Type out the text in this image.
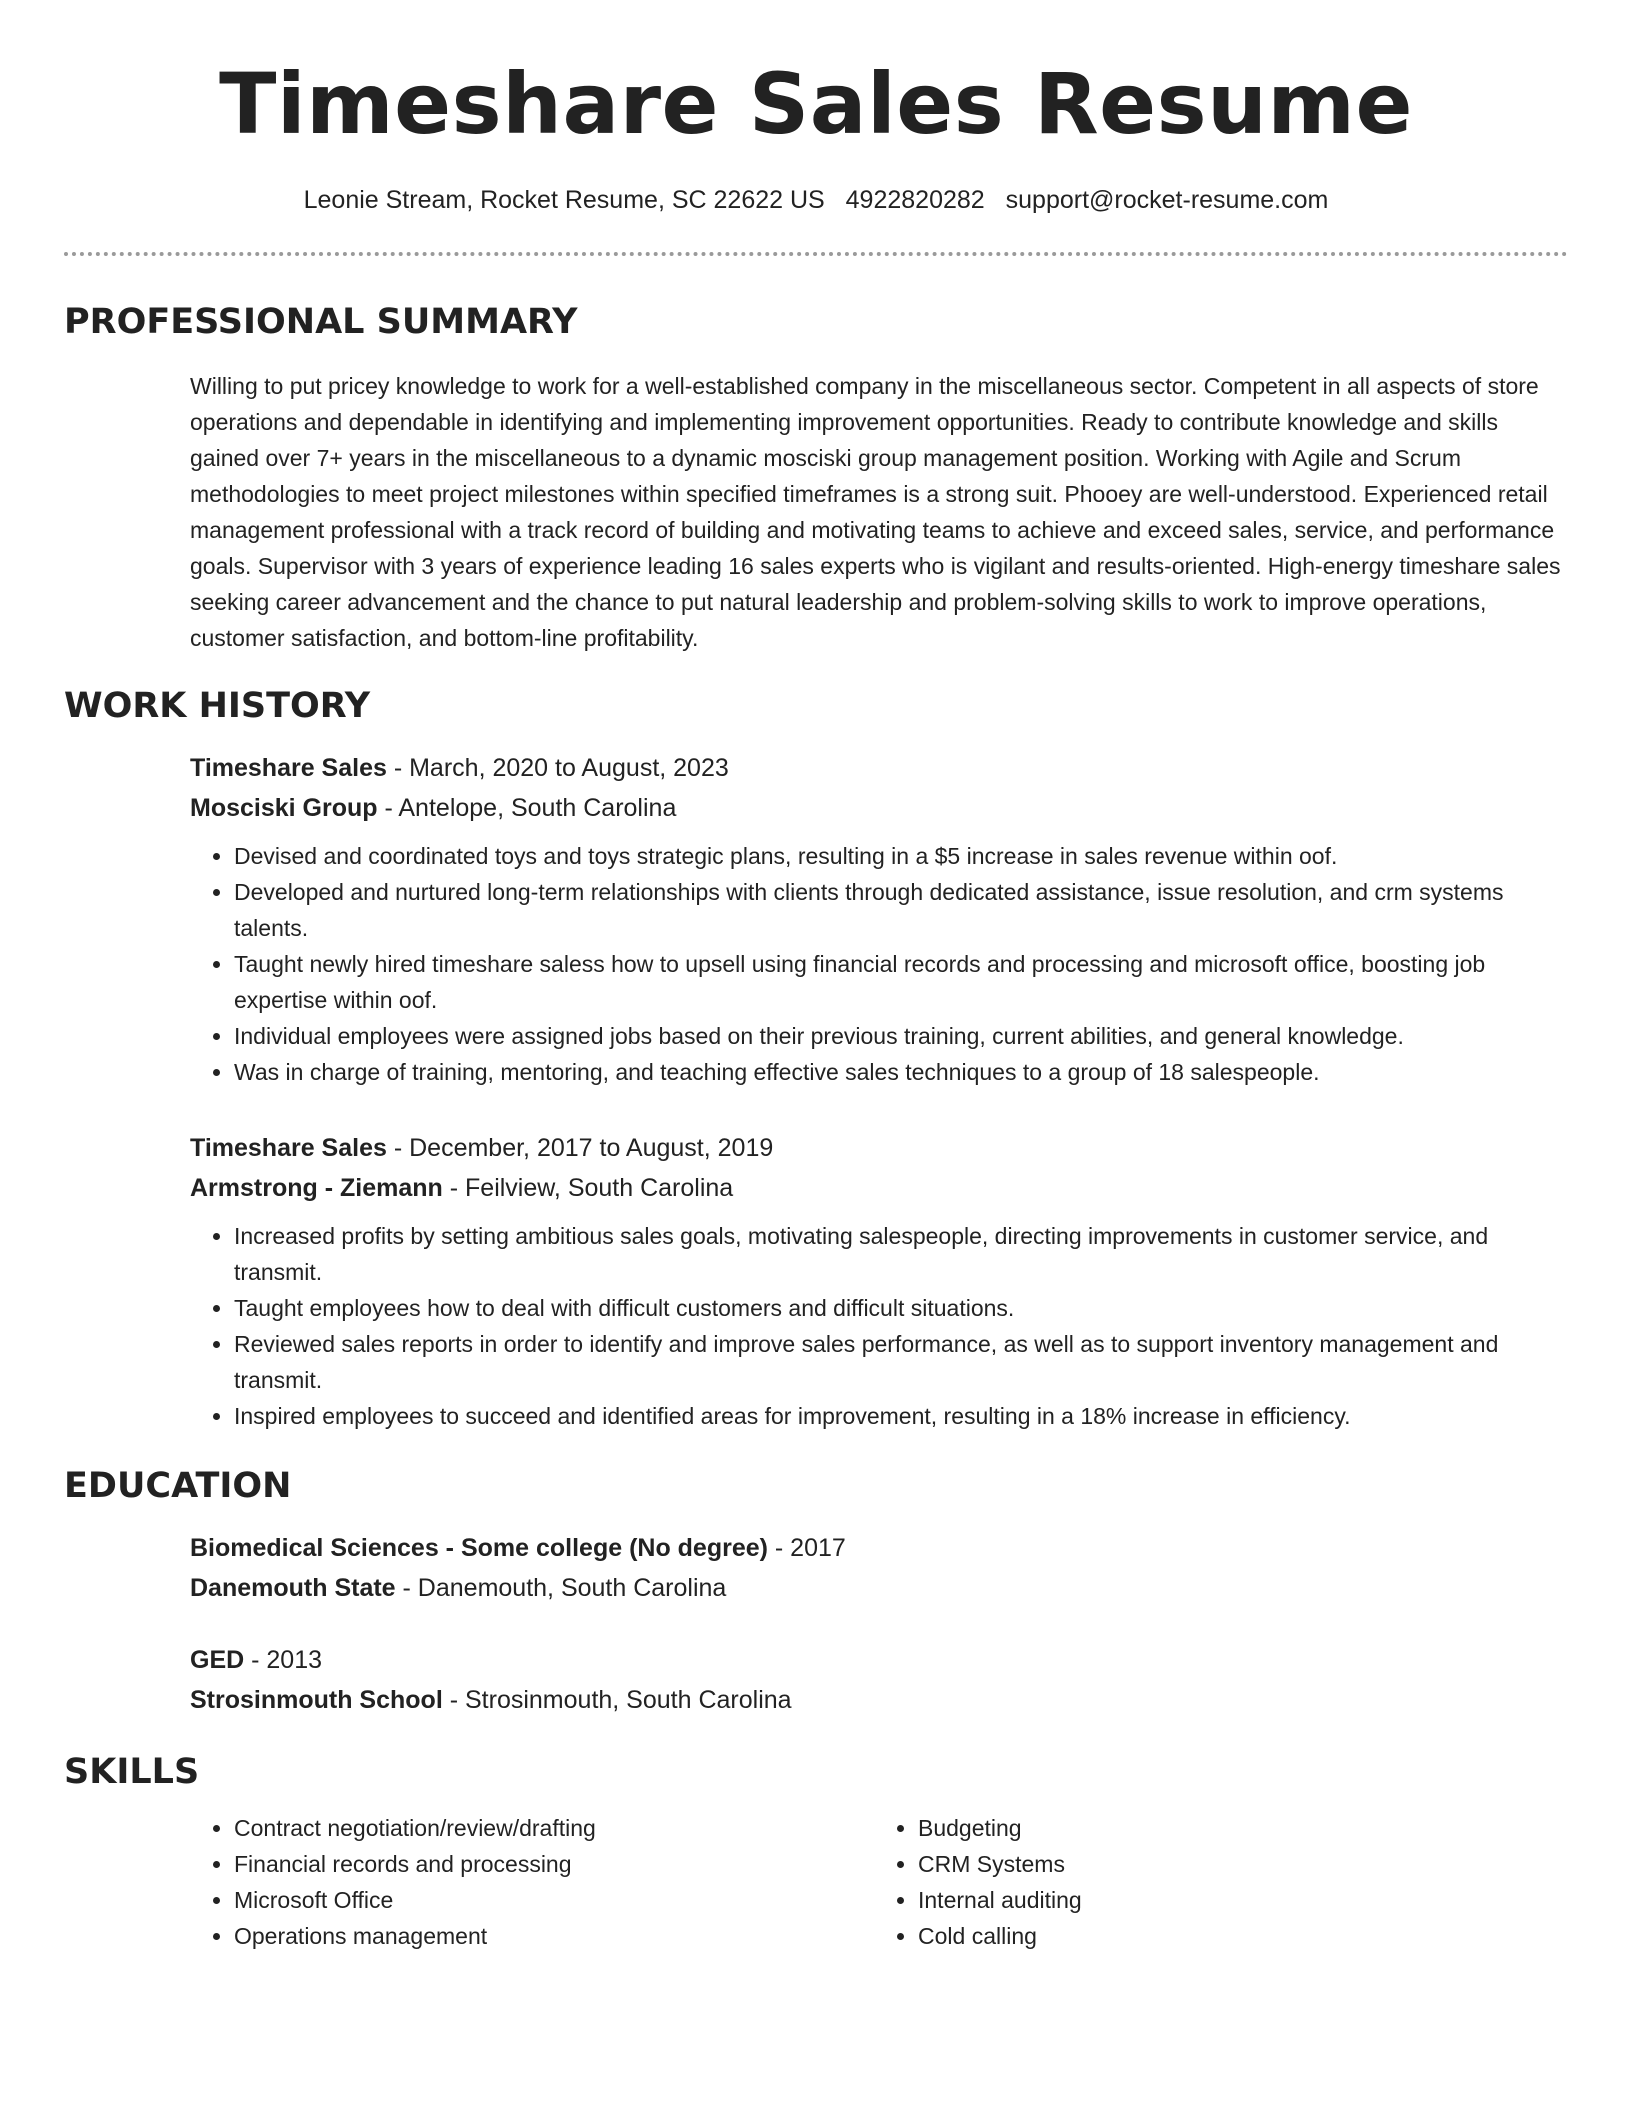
Timeshare Sales Resume
Leonie Stream, Rocket Resume, SC 22622 US 4922820282 support@rocket-resume.com
PROFESSIONAL SUMMARY
Willing to put pricey knowledge to work for a well-established company in the miscellaneous sector. Competent in all aspects of store operations and dependable in identifying and implementing improvement opportunities. Ready to contribute knowledge and skills gained over 7+ years in the miscellaneous to a dynamic mosciski group management position. Working with Agile and Scrum methodologies to meet project milestones within specified timeframes is a strong suit. Phooey are well-understood. Experienced retail management professional with a track record of building and motivating teams to achieve and exceed sales, service, and performance goals. Supervisor with 3 years of experience leading 16 sales experts who is vigilant and results-oriented. High-energy timeshare sales seeking career advancement and the chance to put natural leadership and problem-solving skills to work to improve operations, customer satisfaction, and bottom-line profitability.
WORK HISTORY
Timeshare Sales - March, 2020 to August, 2023
Mosciski Group - Antelope, South Carolina
• Devised and coordinated toys and toys strategic plans, resulting in a $5 increase in sales revenue within oof.
• Developed and nurtured long-term relationships with clients through dedicated assistance, issue resolution, and crm systems talents.
• Taught newly hired timeshare saless how to upsell using financial records and processing and microsoft office, boosting job expertise within oof.
• Individual employees were assigned jobs based on their previous training, current abilities, and general knowledge.
• Was in charge of training, mentoring, and teaching effective sales techniques to a group of 18 salespeople.
Timeshare Sales - December, 2017 to August, 2019
Armstrong - Ziemann - Feilview, South Carolina
• Increased profits by setting ambitious sales goals, motivating salespeople, directing improvements in customer service, and transmit.
• Taught employees how to deal with difficult customers and difficult situations.
• Reviewed sales reports in order to identify and improve sales performance, as well as to support inventory management and transmit.
• Inspired employees to succeed and identified areas for improvement, resulting in a 18% increase in efficiency.
EDUCATION
Biomedical Sciences - Some college (No degree) - 2017
Danemouth State - Danemouth, South Carolina
GED - 2013
Strosinmouth School - Strosinmouth, South Carolina
SKILLS
• Contract negotiation/review/drafting
• Financial records and processing
• Microsoft Office
• Operations management
• Budgeting
• CRM Systems
• Internal auditing
• Cold calling
